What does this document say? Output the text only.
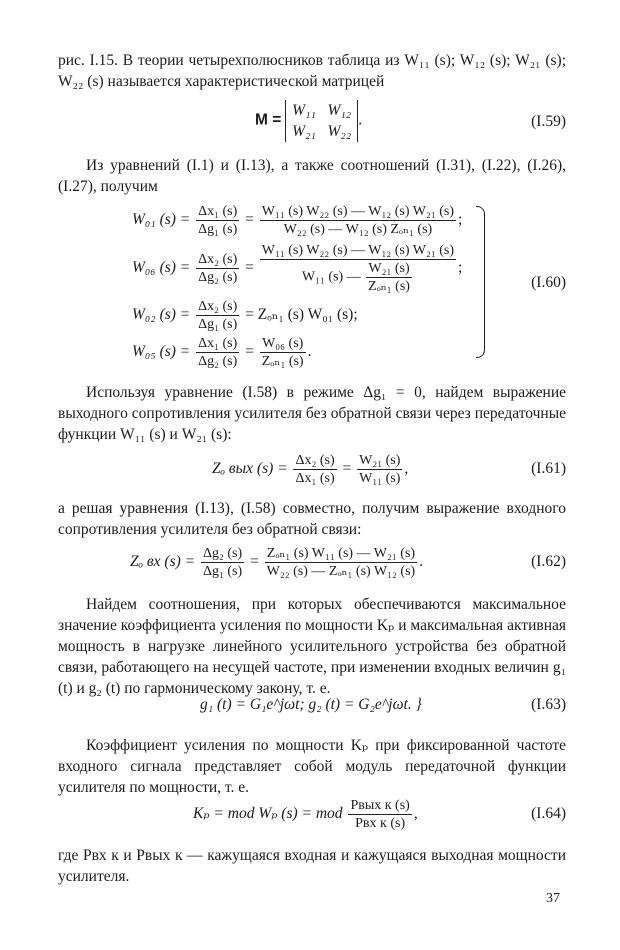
рис. I.15. В теории четырехполюсников таблица из W₁₁ (s); W₁₂ (s); W₂₁ (s); W₂₂ (s) называется характеристической матрицей
M = W₁₁ W₁₂
W₂₁ W₂₂.	(I.59)
Из уравнений (I.1) и (I.13), а также соотношений (I.31), (I.22), (I.26), (I.27), получим
W₀₁ $(s) = \frac{\text{Δx₁ (s)}}{\text{Δg₁ (s)}} = \frac{\text{W₁₁ (s) W₂₂ (s) — W₁₂ (s) W₂₁ (s)}}{\text{W₂₂ (s) — W₁₂ (s) Zₒₙ₁ (s)}}$ ;
W₀₆ $(s) = \frac{\text{Δx₂ (s)}}{\text{Δg₂ (s)}} = \frac{\text{W₁₁ (s) W₂₂ (s) — W₁₂ (s) W₂₁ (s)}}{W_{11} (s) — \frac{\text{W₂₁ (s)}}{\text{Zₒₙ₁ (s)}}}$ ;
W₀₂ $(s) = \frac{\text{Δx₂ (s)}}{\text{Δg₁ (s)}} = Z_{on1}$ (s) W₀₁ (s);
W₀₅ $(s) = \frac{\text{Δx₁ (s)}}{\text{Δg₂ (s)}} = \frac{\text{W₀₆ (s)}}{\text{Zₒₙ₁ (s)}}$ .
(I.60)
Используя уравнение (I.58) в режиме Δg₁ = 0, найдем выражение выходного сопротивления усилителя без обратной связи через передаточные функции W₁₁ (s) и W₂₁ (s):
Zₒ вых $(s) = \frac{\text{Δx₂ (s)}}{\text{Δx₁ (s)}} = \frac{\text{W₂₁ (s)}}{\text{W₁₁ (s)}}$ ,	(I.61)
а решая уравнения (I.13), (I.58) совместно, получим выражение входного сопротивления усилителя без обратной связи:
Zₒ вх $(s) = \frac{\text{Δg₂ (s)}}{\text{Δg₁ (s)}} = \frac{\text{Zₒₙ₁ (s) W₁₁ (s) — W₂₁ (s)}}{\text{W₂₂ (s) — Zₒₙ₁ (s) W₁₂ (s)}}$ .	(I.62)
Найдем соотношения, при которых обеспечиваются максимальное значение коэффициента усиления по мощности Kₚ и максимальная активная мощность в нагрузке линейного усилительного устройства без обратной связи, работающего на несущей частоте, при изменении входных величин g₁ (t) и g₂ (t) по гармоническому закону, т. е.
g₁ (t) = G₁e^jωt; g₂ (t) = G₂e^jωt. }	(I.63)
Коэффициент усиления по мощности Kₚ при фиксированной частоте входного сигнала представляет собой модуль передаточной функции усилителя по мощности, т. е.
Kₚ = mod Wₚ (s) = mod $\frac{\text{Pвых к (s)}}{\text{Pвх к (s)}}$ ,	(I.64)
где Pвх к и Pвых к — кажущаяся входная и кажущаяся выходная мощности усилителя.
37
